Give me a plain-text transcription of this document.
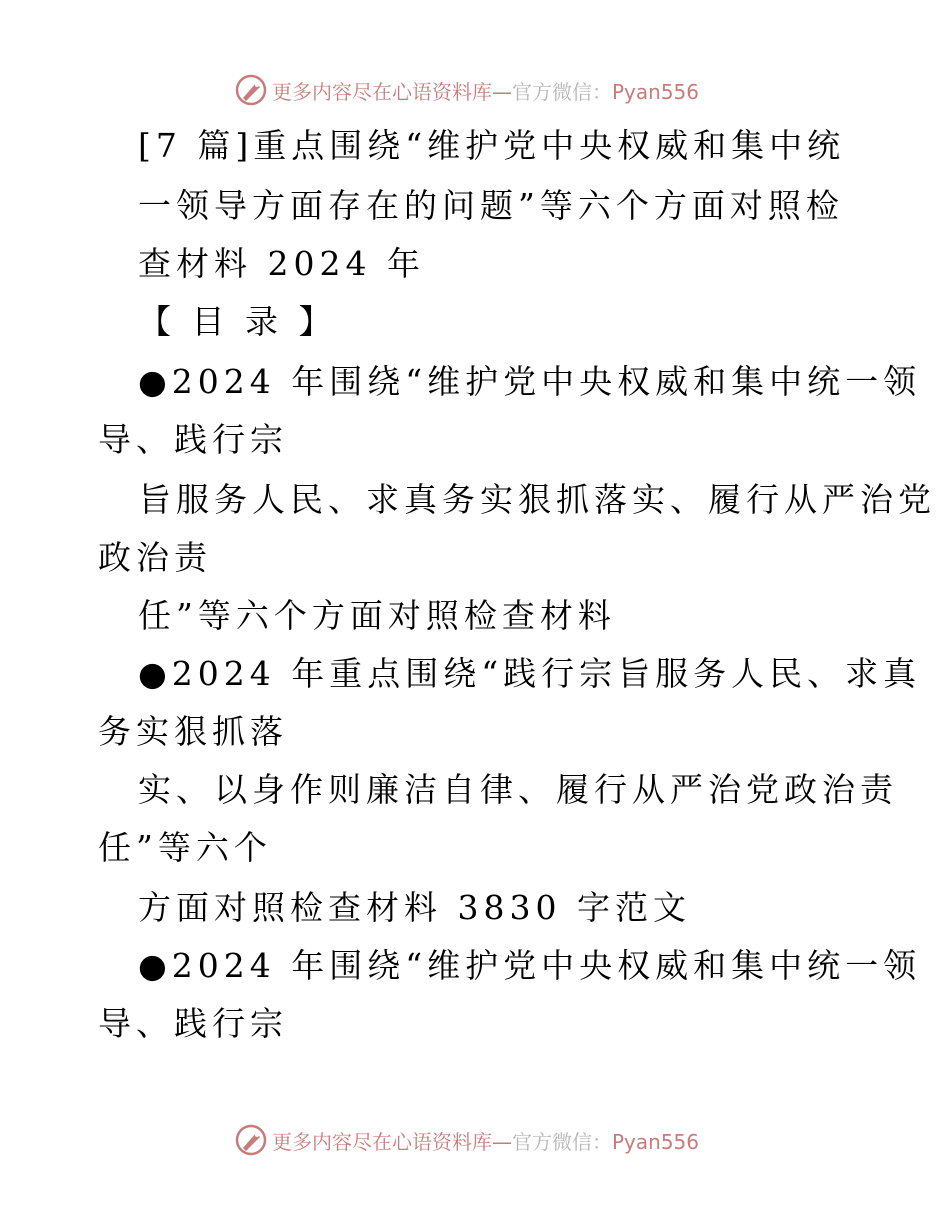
更多内容尽在心语资料库—官方微信：Pyan556
[7 篇]重点围绕“维护党中央权威和集中统
一领导方面存在的问题”等六个方面对照检
查材料 2024 年
【 目 录 】
●2024 年围绕“维护党中央权威和集中统一领
导、践行宗
旨服务人民、求真务实狠抓落实、履行从严治党
政治责
任”等六个方面对照检查材料
●2024 年重点围绕“践行宗旨服务人民、求真
务实狠抓落
实、以身作则廉洁自律、履行从严治党政治责
任”等六个
方面对照检查材料 3830 字范文
●2024 年围绕“维护党中央权威和集中统一领
导、践行宗
更多内容尽在心语资料库—官方微信：Pyan556
